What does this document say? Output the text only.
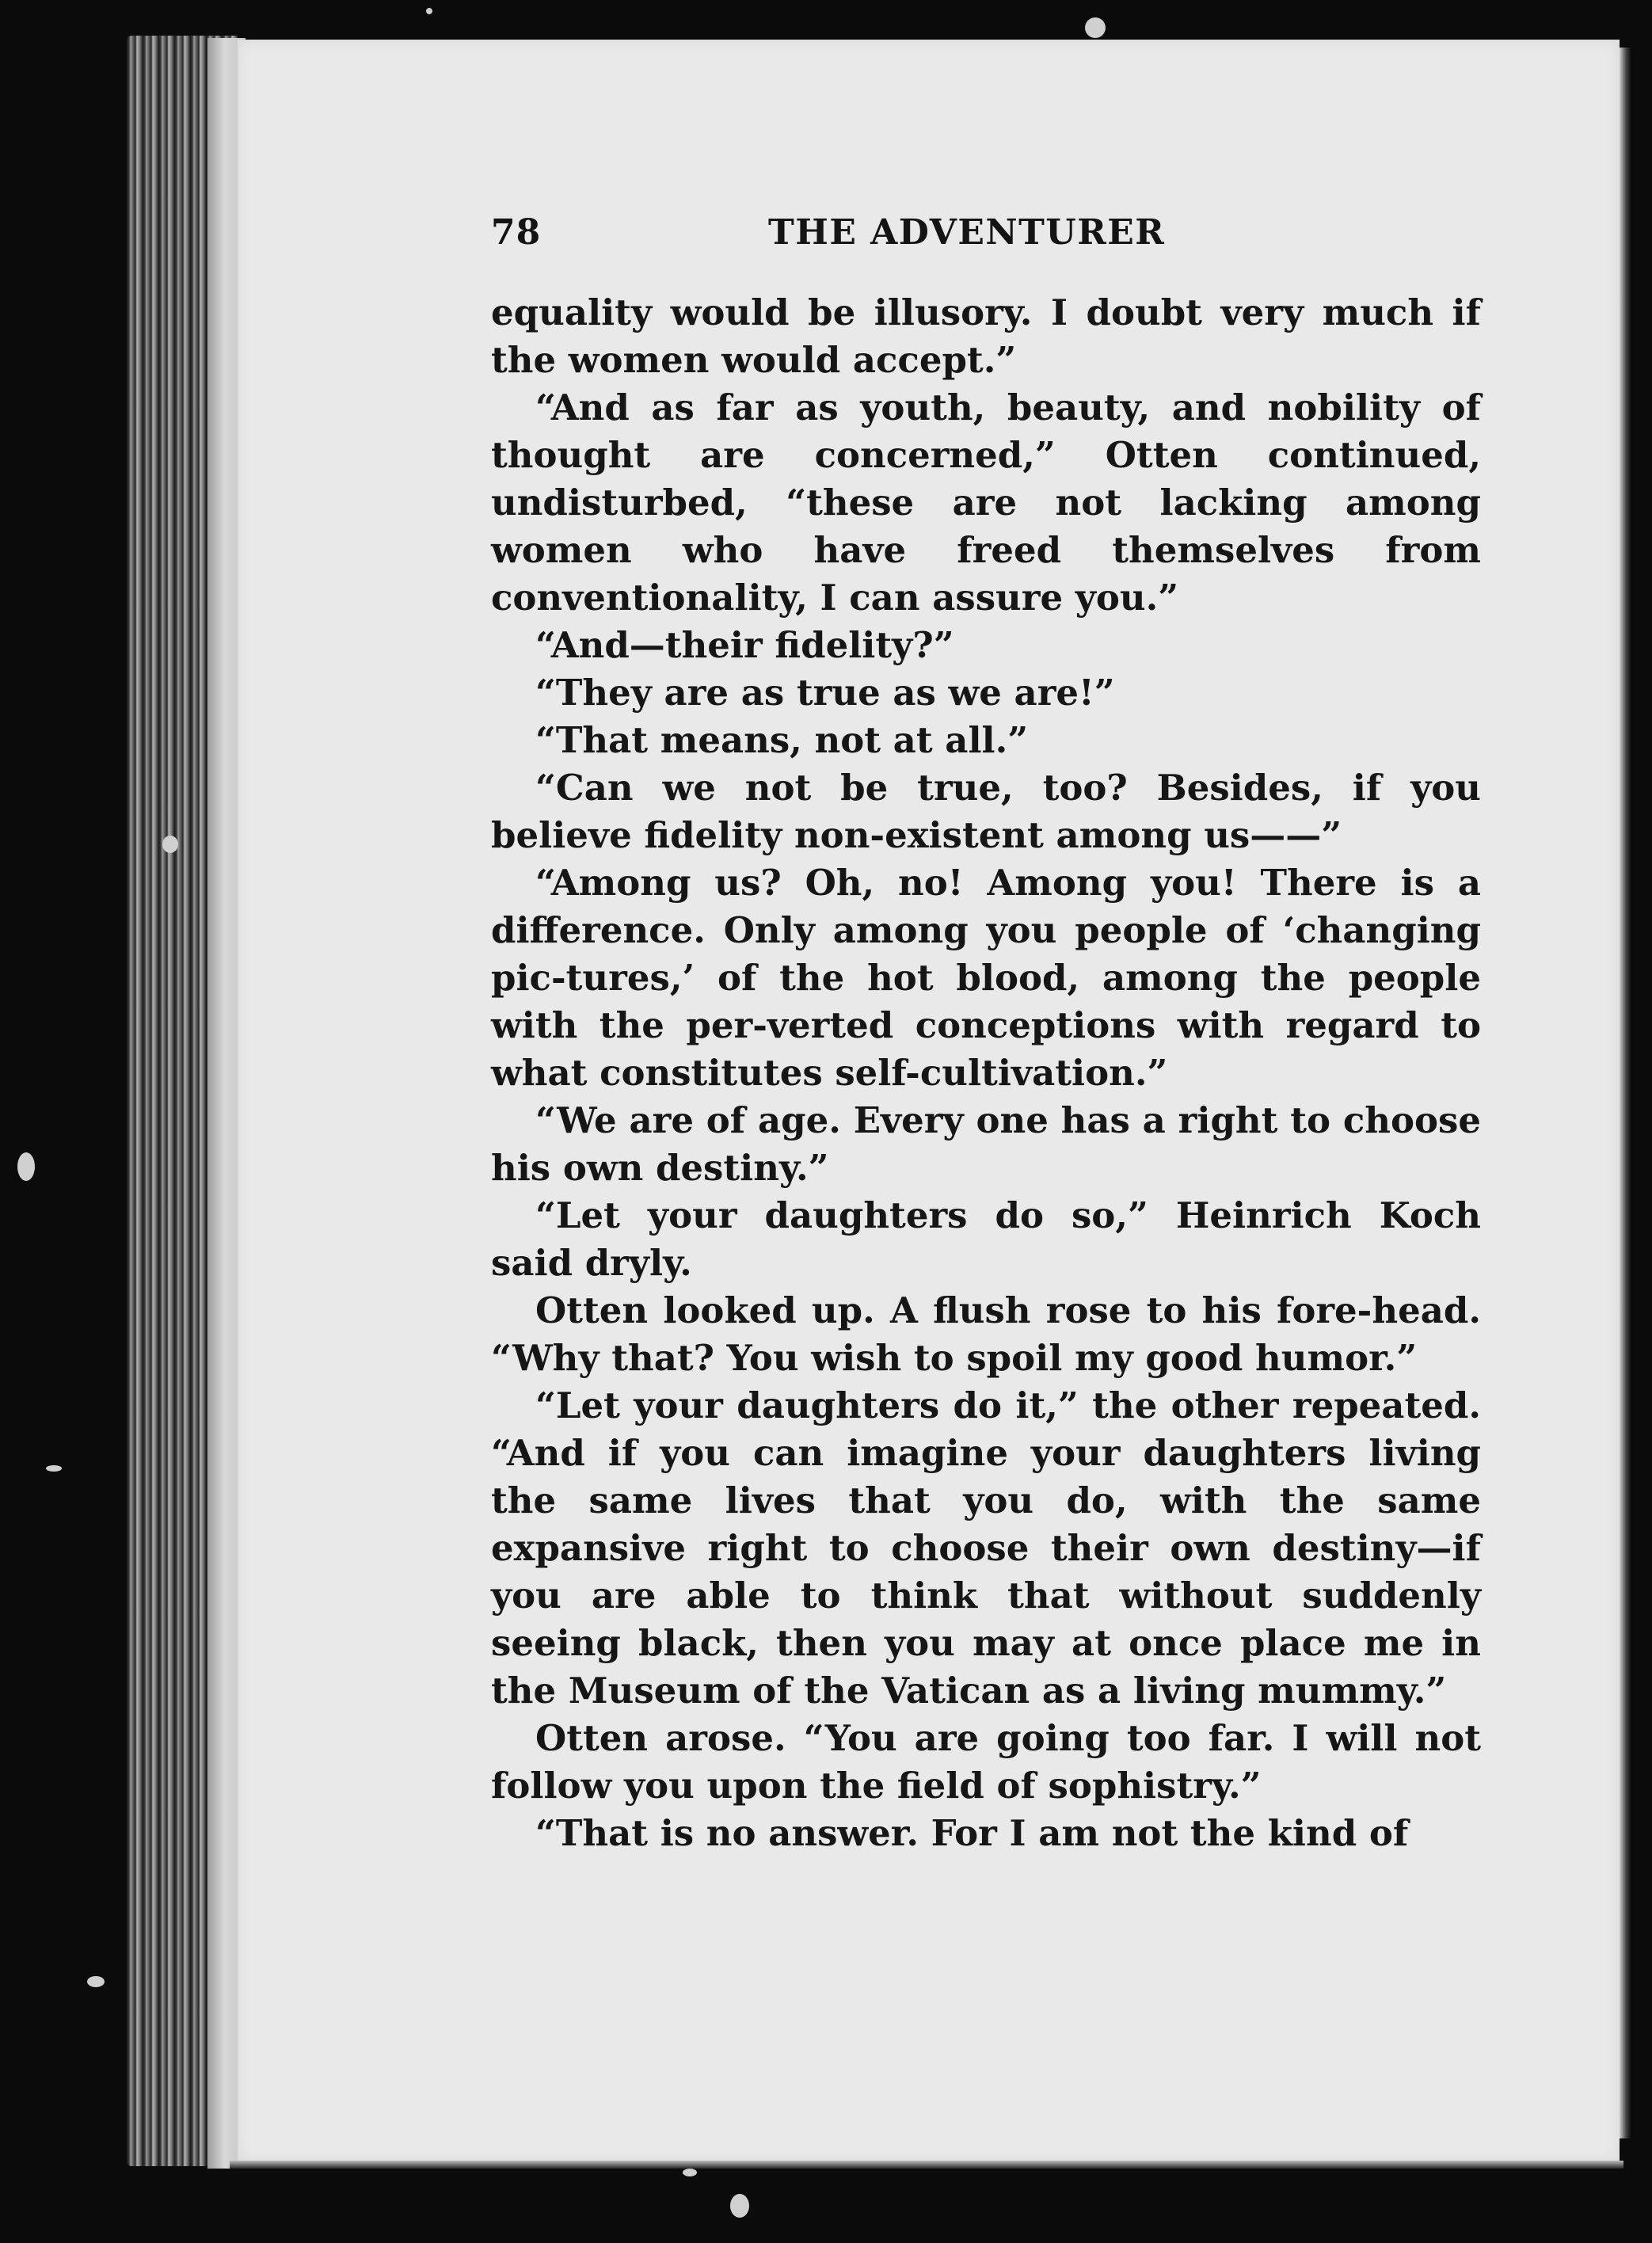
78	THE ADVENTURER

equality would be illusory. I doubt very much if the women would accept.”

“And as far as youth, beauty, and nobility of thought are concerned,” Otten continued, undisturbed, “these are not lacking among women who have freed themselves from conventionality, I can assure you.”

“And—their fidelity?”

“They are as true as we are!”

“That means, not at all.”

“Can we not be true, too? Besides, if you believe fidelity non-existent among us——”

“Among us? Oh, no! Among you! There is a difference. Only among you people of ‘changing pic-tures,’ of the hot blood, among the people with the per-verted conceptions with regard to what constitutes self-cultivation.”

“We are of age. Every one has a right to choose his own destiny.”

“Let your daughters do so,” Heinrich Koch said dryly.

Otten looked up. A flush rose to his fore-head. “Why that? You wish to spoil my good humor.”

“Let your daughters do it,” the other repeated. “And if you can imagine your daughters living the same lives that you do, with the same expansive right to choose their own destiny—if you are able to think that without suddenly seeing black, then you may at once place me in the Museum of the Vatican as a living mummy.”

Otten arose. “You are going too far. I will not follow you upon the field of sophistry.”

“That is no answer. For I am not the kind of
